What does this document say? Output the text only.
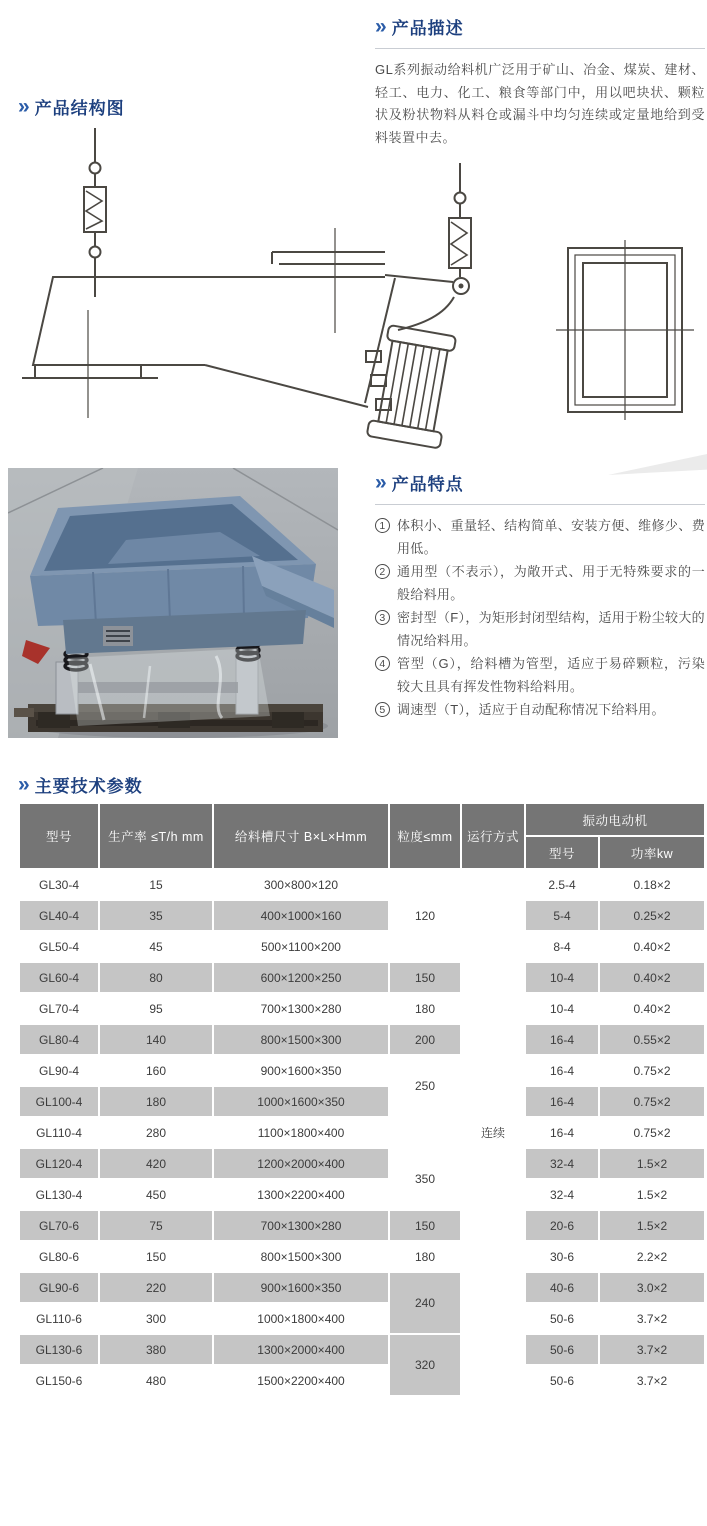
» 产品描述

GL系列振动给料机广泛用于矿山、冶金、煤炭、建材、轻工、电力、化工、粮食等部门中，用以吧块状、颗粒状及粉状物料从料仓或漏斗中均匀连续或定量地给到受料装置中去。

» 产品结构图
» 产品特点
1 体积小、重量轻、结构简单、安装方便、维修少、费用低。
2 通用型（不表示），为敞开式、用于无特殊要求的一般给料用。
3 密封型（F），为矩形封闭型结构，适用于粉尘较大的情况给料用。
4 管型（G），给料槽为管型，适应于易碎颗粒，污染较大且具有挥发性物料给料用。
5 调速型（T），适应于自动配称情况下给料用。
» 主要技术参数
型号	生产率 ≤T/h mm	给料槽尺寸 B×L×Hmm	粒度≤mm	运行方式	振动电动机	
					型号	功率kw
GL30-4	15	300×800×120	120	连续	2.5-4	0.18×2
GL40-4	35	400×1000×160			5-4	0.25×2
GL50-4	45	500×1100×200			8-4	0.40×2
GL60-4	80	600×1200×250	150		10-4	0.40×2
GL70-4	95	700×1300×280	180		10-4	0.40×2
GL80-4	140	800×1500×300	200		16-4	0.55×2
GL90-4	160	900×1600×350	250		16-4	0.75×2
GL100-4	180	1000×1600×350			16-4	0.75×2
GL110-4	280	1100×1800×400			16-4	0.75×2
GL120-4	420	1200×2000×400	350		32-4	1.5×2
GL130-4	450	1300×2200×400			32-4	1.5×2
GL70-6	75	700×1300×280	150		20-6	1.5×2
GL80-6	150	800×1500×300	180		30-6	2.2×2
GL90-6	220	900×1600×350	240		40-6	3.0×2
GL110-6	300	1000×1800×400			50-6	3.7×2
GL130-6	380	1300×2000×400	320		50-6	3.7×2
GL150-6	480	1500×2200×400			50-6	3.7×2
